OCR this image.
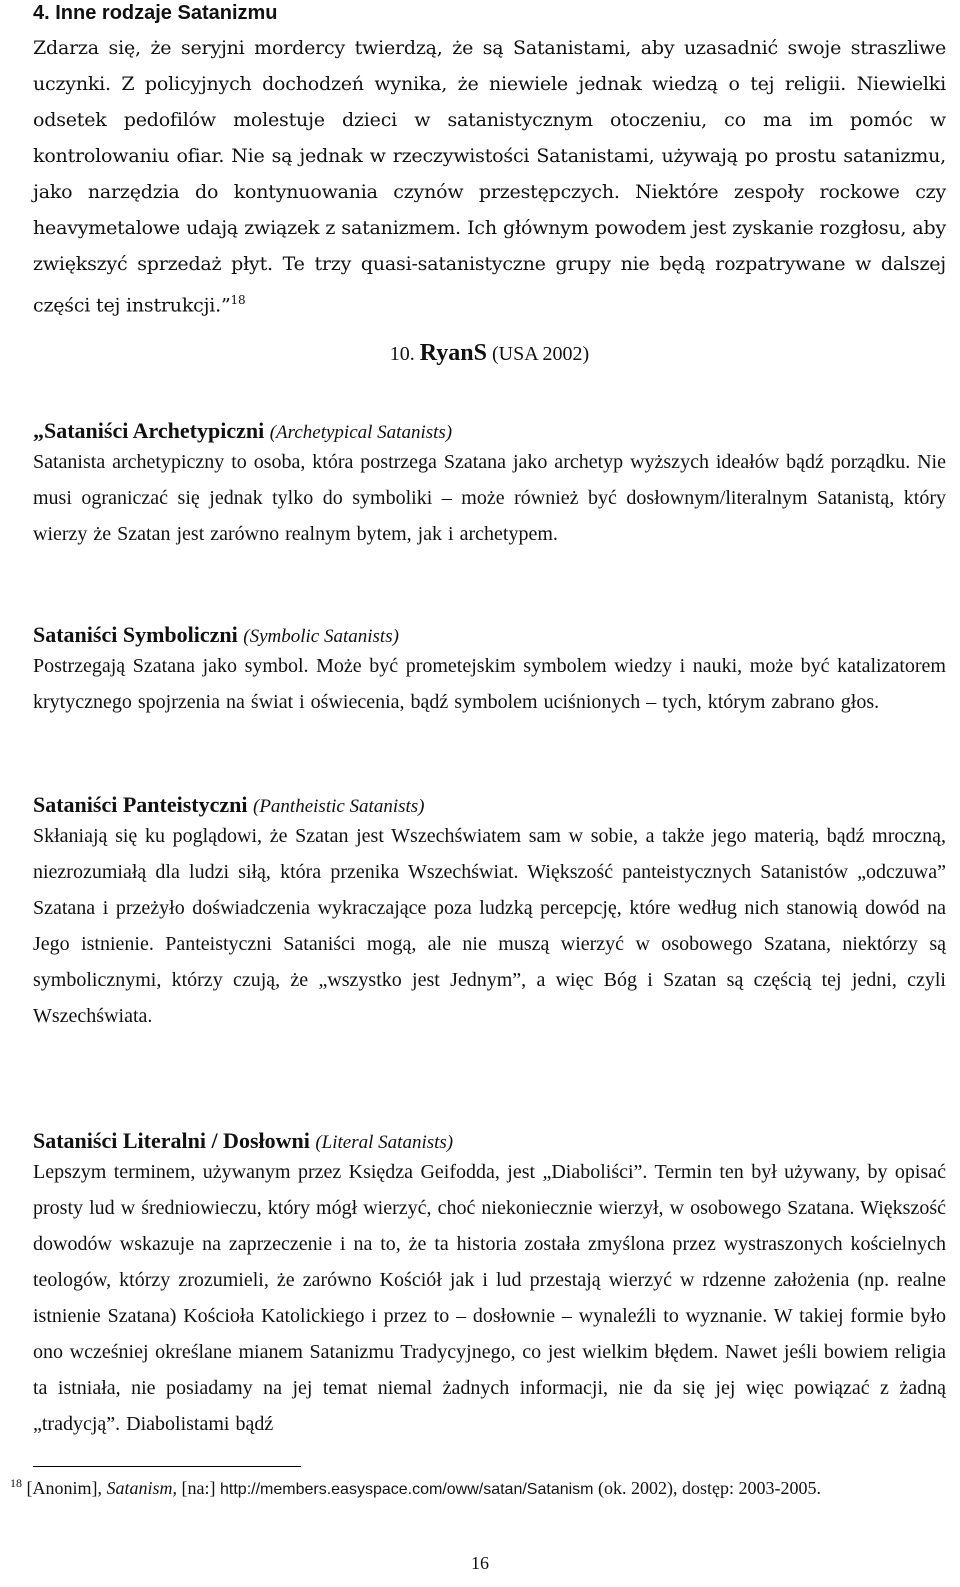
4. Inne rodzaje Satanizmu
Zdarza się, że seryjni mordercy twierdzą, że są Satanistami, aby uzasadnić swoje straszliwe uczynki. Z policyjnych dochodzeń wynika, że niewiele jednak wiedzą o tej religii. Niewielki odsetek pedofilów molestuje dzieci w satanistycznym otoczeniu, co ma im pomóc w kontrolowaniu ofiar. Nie są jednak w rzeczywistości Satanistami, używają po prostu satanizmu, jako narzędzia do kontynuowania czynów przestępczych. Niektóre zespoły rockowe czy heavymetalowe udają związek z satanizmem. Ich głównym powodem jest zyskanie rozgłosu, aby zwiększyć sprzedaż płyt. Te trzy quasi-satanistyczne grupy nie będą rozpatrywane w dalszej części tej instrukcji.”$^{18}$
10. RyanS (USA 2002)
„Sataniści Archetypiczni (Archetypical Satanists)

Satanista archetypiczny to osoba, która postrzega Szatana jako archetyp wyższych ideałów bądź porządku. Nie musi ograniczać się jednak tylko do symboliki – może również być dosłownym/literalnym Satanistą, który wierzy że Szatan jest zarówno realnym bytem, jak i archetypem.

Sataniści Symboliczni (Symbolic Satanists)

Postrzegają Szatana jako symbol. Może być prometejskim symbolem wiedzy i nauki, może być katalizatorem krytycznego spojrzenia na świat i oświecenia, bądź symbolem uciśnionych – tych, którym zabrano głos.

Sataniści Panteistyczni (Pantheistic Satanists)

Skłaniają się ku poglądowi, że Szatan jest Wszechświatem sam w sobie, a także jego materią, bądź mroczną, niezrozumiałą dla ludzi siłą, która przenika Wszechświat. Większość panteistycznych Satanistów „odczuwa” Szatana i przeżyło doświadczenia wykraczające poza ludzką percepcję, które według nich stanowią dowód na Jego istnienie. Panteistyczni Sataniści mogą, ale nie muszą wierzyć w osobowego Szatana, niektórzy są symbolicznymi, którzy czują, że „wszystko jest Jednym”, a więc Bóg i Szatan są częścią tej jedni, czyli Wszechświata.

Sataniści Literalni / Dosłowni (Literal Satanists)

Lepszym terminem, używanym przez Księdza Geifodda, jest „Diaboliści”. Termin ten był używany, by opisać prosty lud w średniowieczu, który mógł wierzyć, choć niekoniecznie wierzył, w osobowego Szatana. Większość dowodów wskazuje na zaprzeczenie i na to, że ta historia została zmyślona przez wystraszonych kościelnych teologów, którzy zrozumieli, że zarówno Kościół jak i lud przestają wierzyć w rdzenne założenia (np. realne istnienie Szatana) Kościoła Katolickiego i przez to – dosłownie – wynaleźli to wyznanie. W takiej formie było ono wcześniej określane mianem Satanizmu Tradycyjnego, co jest wielkim błędem. Nawet jeśli bowiem religia ta istniała, nie posiadamy na jej temat niemal żadnych informacji, nie da się jej więc powiązać z żadną „tradycją”. Diabolistami bądź

$^{18}$ [Anonim], Satanism, [na:] http://members.easyspace.com/oww/satan/Satanism (ok. 2002), dostęp: 2003-2005.
16
